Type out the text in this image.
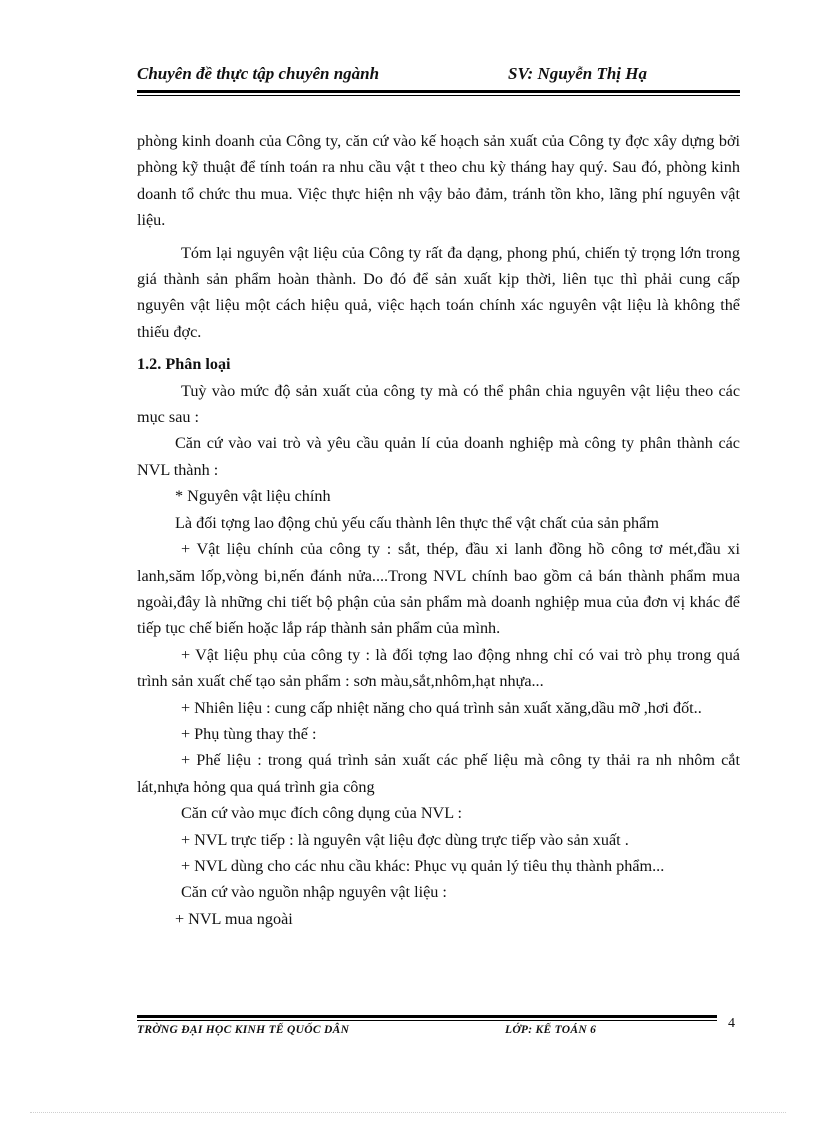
Chuyên đề thực tập chuyên ngành	SV: Nguyễn Thị Hạ

phòng kinh doanh của Công ty, căn cứ vào kế hoạch sản xuất của Công ty đợc xây dựng bởi phòng kỹ thuật để tính toán ra nhu cầu vật t theo chu kỳ tháng hay quý. Sau đó, phòng kinh doanh tổ chức thu mua. Việc thực hiện nh vậy bảo đảm, tránh tồn kho, lãng phí nguyên vật liệu.

Tóm lại nguyên vật liệu của Công ty rất đa dạng, phong phú, chiến tỷ trọng lớn trong giá thành sản phẩm hoàn thành. Do đó để sản xuất kịp thời, liên tục thì phải cung cấp nguyên vật liệu một cách hiệu quả, việc hạch toán chính xác nguyên vật liệu là không thể thiếu đợc.

1.2. Phân loại

Tuỳ vào mức độ sản xuất của công ty mà có thể phân chia nguyên vật liệu theo các mục sau :

Căn cứ vào vai trò và yêu cầu quản lí của doanh nghiệp mà công ty phân thành các NVL thành :

* Nguyên vật liệu chính

Là đối tợng lao động chủ yếu cấu thành lên thực thể vật chất của sản phẩm

+ Vật liệu chính của công ty : sắt, thép, đầu xi lanh đồng hồ công tơ mét,đầu xi lanh,săm lốp,vòng bi,nến đánh nửa....Trong NVL chính bao gồm cả bán thành phẩm mua ngoài,đây là những chi tiết bộ phận của sản phẩm mà doanh nghiệp mua của đơn vị khác để tiếp tục chế biến hoặc lắp ráp thành sản phẩm của mình.

+ Vật liệu phụ của công ty : là đối tợng lao động nhng chỉ có vai trò phụ trong quá trình sản xuất chế tạo sản phẩm : sơn màu,sắt,nhôm,hạt nhựa...

+ Nhiên liệu : cung cấp nhiệt năng cho quá trình sản xuất xăng,dầu mỡ ,hơi đốt..

+ Phụ tùng thay thế :

+ Phế liệu : trong quá trình sản xuất các phế liệu mà công ty thải ra nh nhôm cắt lát,nhựa hỏng qua quá trình gia công

Căn cứ vào mục đích công dụng của NVL :

+ NVL trực tiếp : là nguyên vật liệu đợc dùng trực tiếp vào sản xuất .

+ NVL dùng cho các nhu cầu khác: Phục vụ quản lý tiêu thụ thành phẩm...

Căn cứ vào nguồn nhập nguyên vật liệu :

+ NVL mua ngoài

TRỜNG ĐẠI HỌC KINH TẾ QUỐC DÂN	LỚP: KẾ TOÁN 6	4
